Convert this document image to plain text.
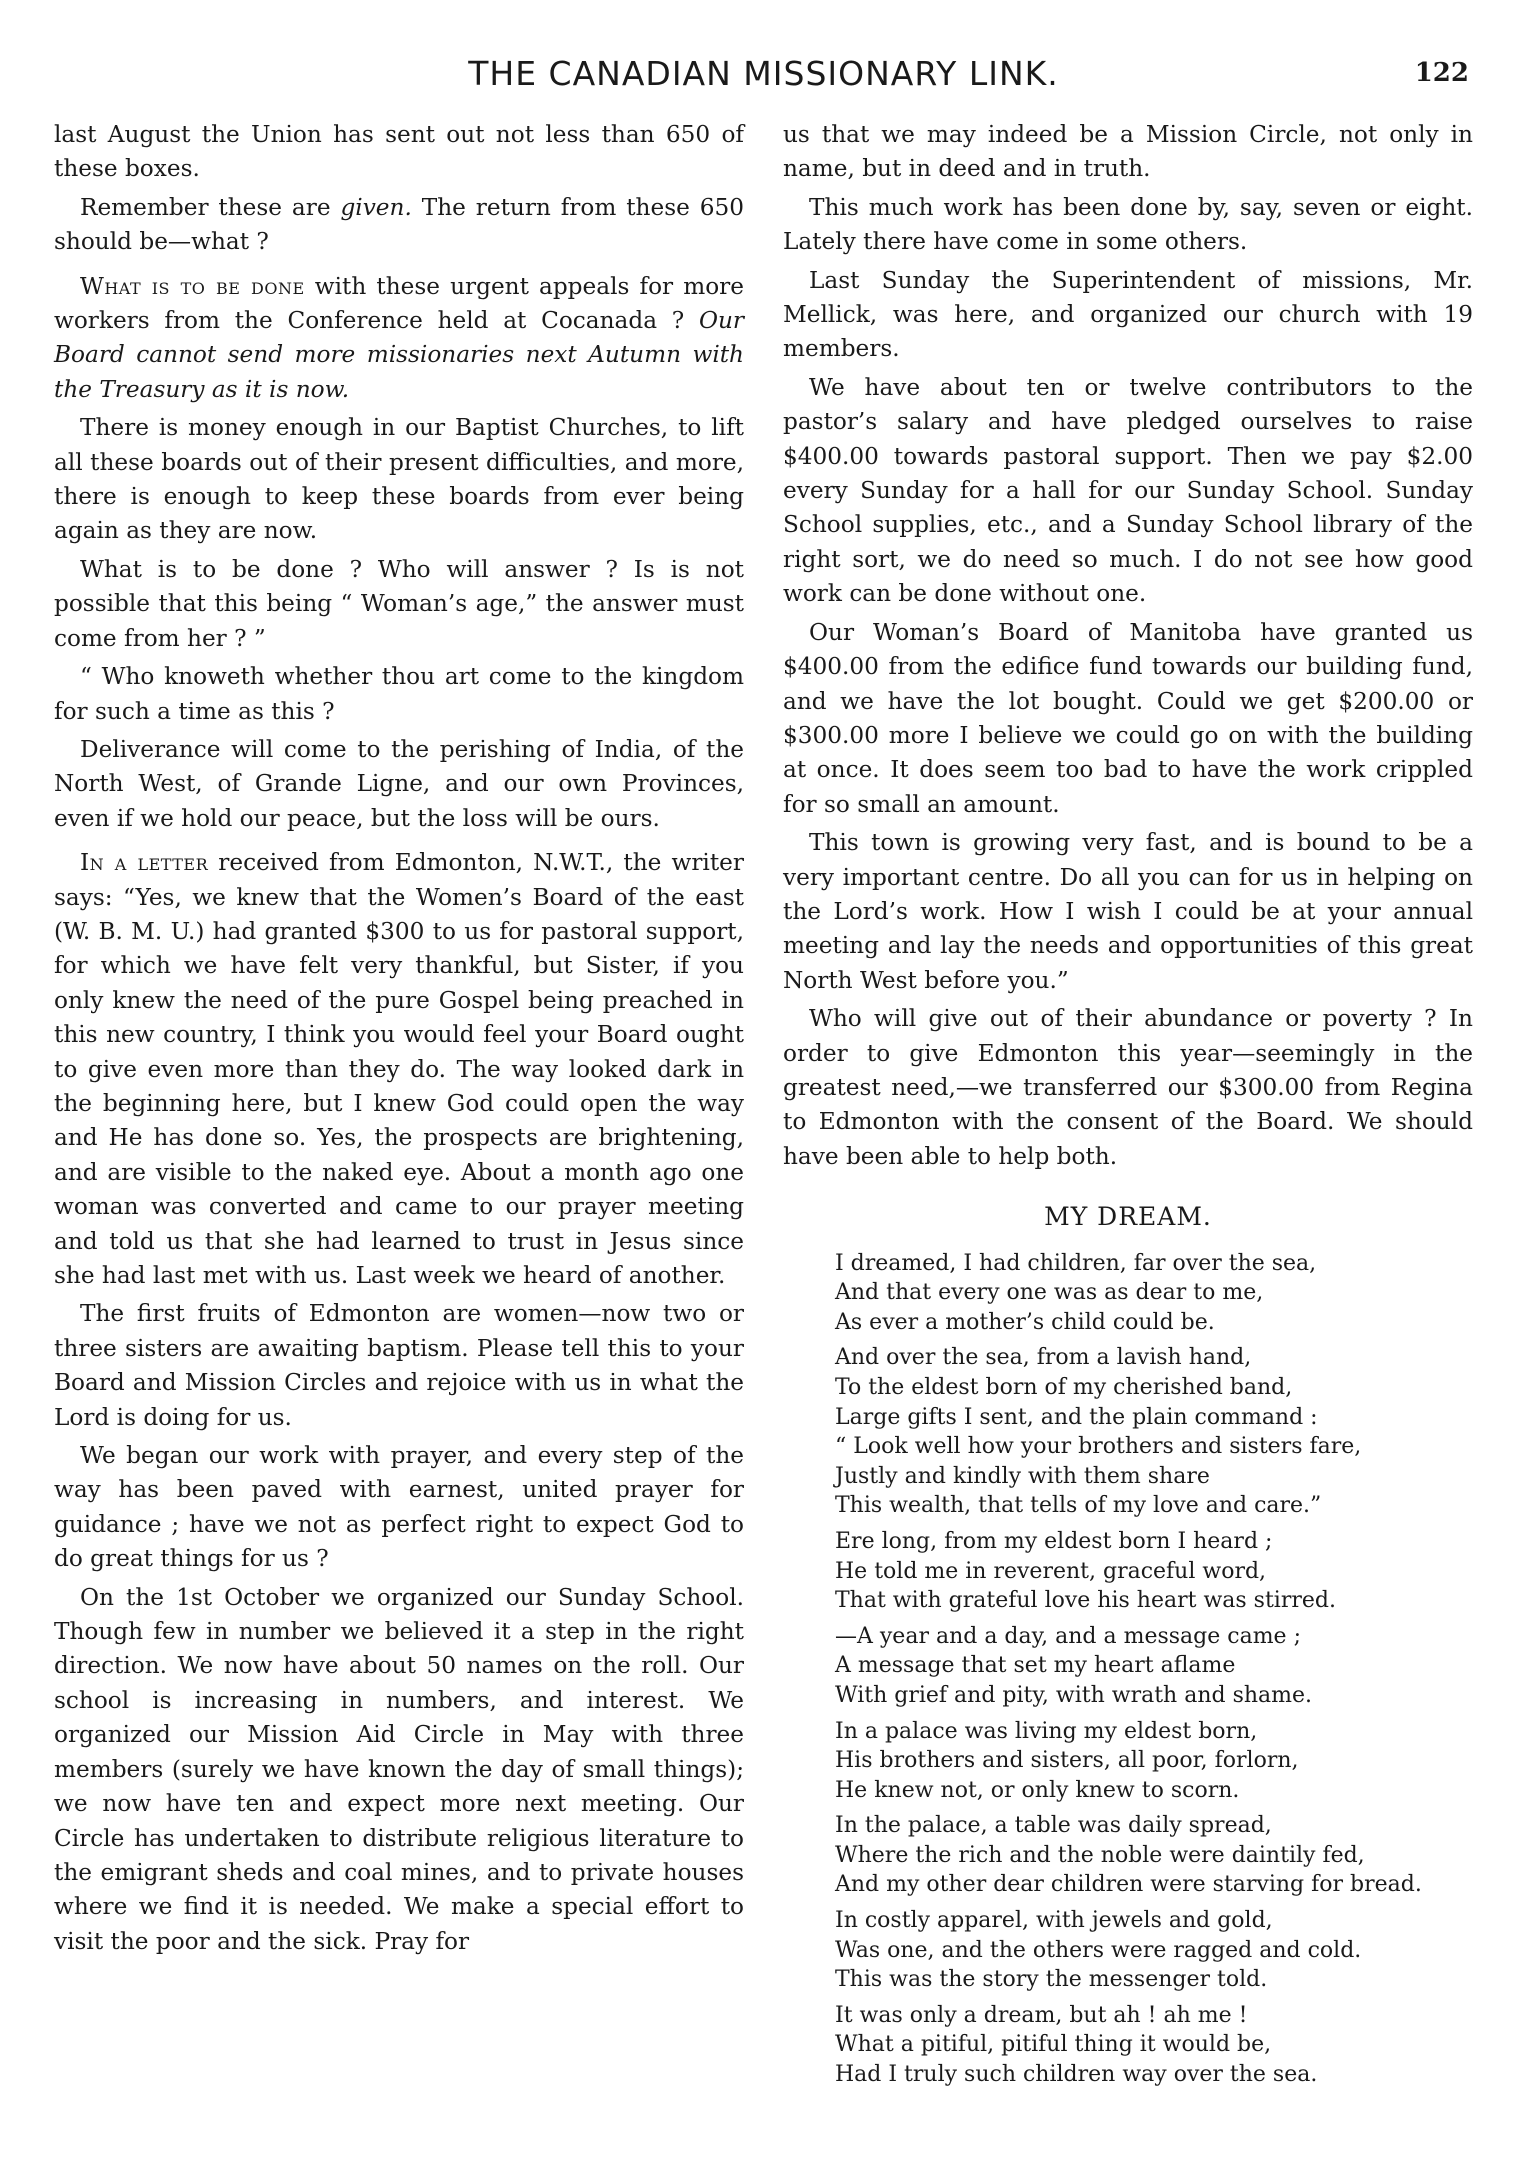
THE CANADIAN MISSIONARY LINK.	122

last August the Union has sent out not less than 650 of these boxes.

Remember these are given. The return from these 650 should be—what ?

What is to be done with these urgent appeals for more workers from the Conference held at Cocanada ? Our Board cannot send more missionaries next Autumn with the Treasury as it is now.

There is money enough in our Baptist Churches, to lift all these boards out of their present difficulties, and more, there is enough to keep these boards from ever being again as they are now.

What is to be done ? Who will answer ? Is is not possible that this being “ Woman’s age,” the answer must come from her ? ”

“ Who knoweth whether thou art come to the kingdom for such a time as this ?

Deliverance will come to the perishing of India, of the North West, of Grande Ligne, and our own Provinces, even if we hold our peace, but the loss will be ours.

In a letter received from Edmonton, N.W.T., the writer says: “Yes, we knew that the Women’s Board of the east (W. B. M. U.) had granted $300 to us for pastoral support, for which we have felt very thankful, but Sister, if you only knew the need of the pure Gospel being preached in this new country, I think you would feel your Board ought to give even more than they do. The way looked dark in the beginning here, but I knew God could open the way and He has done so. Yes, the prospects are brightening, and are visible to the naked eye. About a month ago one woman was converted and came to our prayer meeting and told us that she had learned to trust in Jesus since she had last met with us. Last week we heard of another.

The first fruits of Edmonton are women—now two or three sisters are awaiting baptism. Please tell this to your Board and Mission Circles and rejoice with us in what the Lord is doing for us.

We began our work with prayer, and every step of the way has been paved with earnest, united prayer for guidance ; have we not as perfect right to expect God to do great things for us ?

On the 1st October we organized our Sunday School. Though few in number we believed it a step in the right direction. We now have about 50 names on the roll. Our school is increasing in numbers, and interest. We organized our Mission Aid Circle in May with three members (surely we have known the day of small things); we now have ten and expect more next meeting. Our Circle has undertaken to distribute religious literature to the emigrant sheds and coal mines, and to private houses where we find it is needed. We make a special effort to visit the poor and the sick. Pray for

us that we may indeed be a Mission Circle, not only in name, but in deed and in truth.

This much work has been done by, say, seven or eight. Lately there have come in some others.

Last Sunday the Superintendent of missions, Mr. Mellick, was here, and organized our church with 19 members.

We have about ten or twelve contributors to the pastor’s salary and have pledged ourselves to raise $400.00 towards pastoral support. Then we pay $2.00 every Sunday for a hall for our Sunday School. Sunday School supplies, etc., and a Sunday School library of the right sort, we do need so much. I do not see how good work can be done without one.

Our Woman’s Board of Manitoba have granted us $400.00 from the edifice fund towards our building fund, and we have the lot bought. Could we get $200.00 or $300.00 more I believe we could go on with the building at once. It does seem too bad to have the work crippled for so small an amount.

This town is growing very fast, and is bound to be a very important centre. Do all you can for us in helping on the Lord’s work. How I wish I could be at your annual meeting and lay the needs and opportunities of this great North West before you.”

Who will give out of their abundance or poverty ? In order to give Edmonton this year—seemingly in the greatest need,—we transferred our $300.00 from Regina to Edmonton with the consent of the Board. We should have been able to help both.

MY DREAM.
I dreamed, I had children, far over the sea,
And that every one was as dear to me,
As ever a mother’s child could be.
And over the sea, from a lavish hand,
To the eldest born of my cherished band,
Large gifts I sent, and the plain command :
“ Look well how your brothers and sisters fare,
Justly and kindly with them share
This wealth, that tells of my love and care.”
Ere long, from my eldest born I heard ;
He told me in reverent, graceful word,
That with grateful love his heart was stirred.
—A year and a day, and a message came ;
A message that set my heart aflame
With grief and pity, with wrath and shame.
In a palace was living my eldest born,
His brothers and sisters, all poor, forlorn,
He knew not, or only knew to scorn.
In the palace, a table was daily spread,
Where the rich and the noble were daintily fed,
And my other dear children were starving for bread.
In costly apparel, with jewels and gold,
Was one, and the others were ragged and cold.
This was the story the messenger told.
It was only a dream, but ah ! ah me !
What a pitiful, pitiful thing it would be,
Had I truly such children way over the sea.
